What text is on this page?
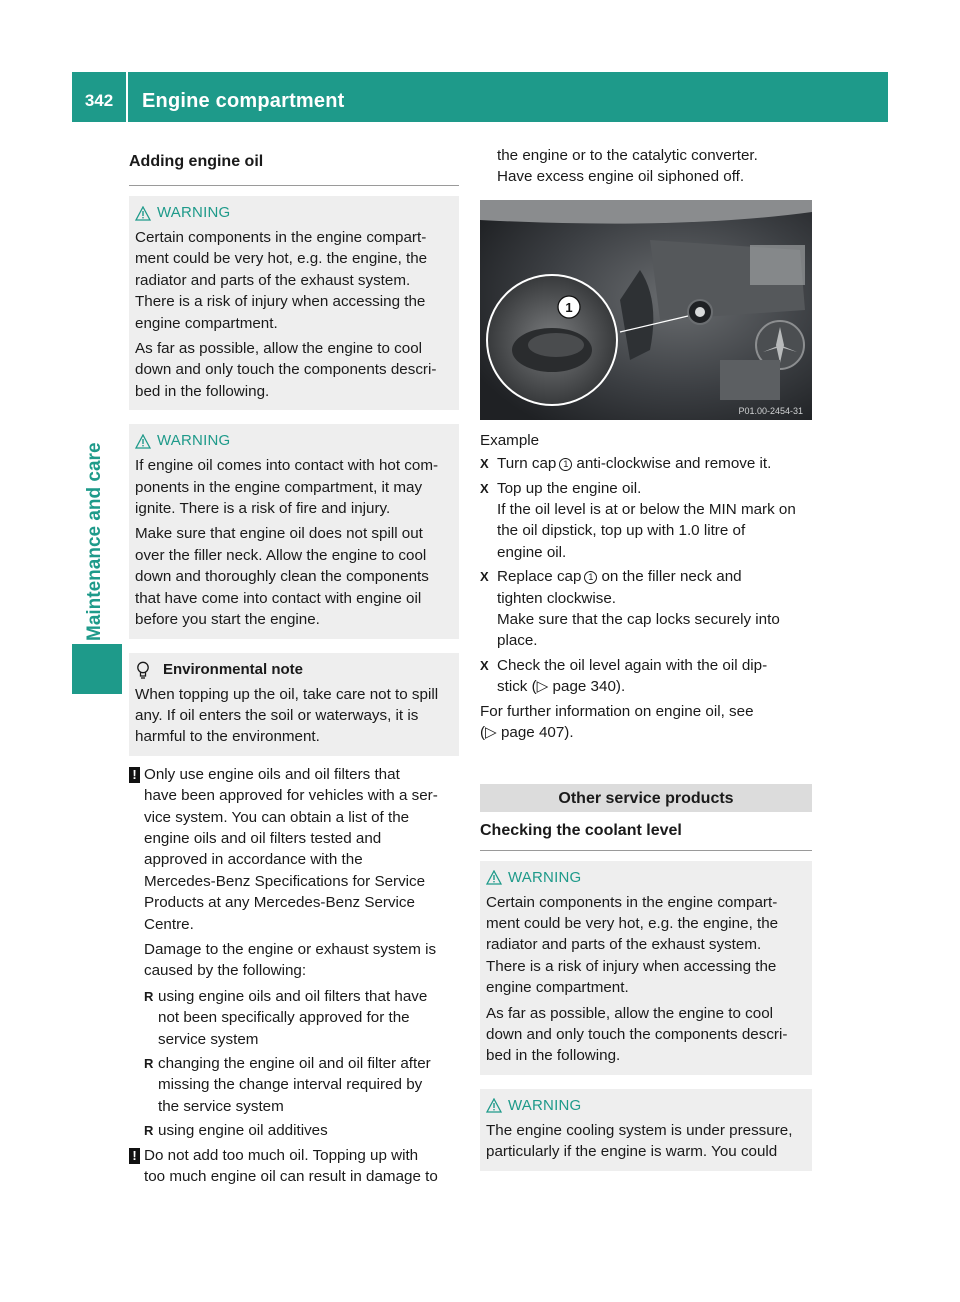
342	Engine compartment
Maintenance and care
Adding engine oil
WARNING

Certain components in the engine compart-
ment could be very hot, e.g. the engine, the
radiator and parts of the exhaust system.
There is a risk of injury when accessing the
engine compartment.

As far as possible, allow the engine to cool
down and only touch the components descri-
bed in the following.

WARNING

If engine oil comes into contact with hot com-
ponents in the engine compartment, it may
ignite. There is a risk of fire and injury.

Make sure that engine oil does not spill out
over the filler neck. Allow the engine to cool
down and thoroughly clean the components
that have come into contact with engine oil
before you start the engine.

Environmental note

When topping up the oil, take care not to spill
any. If oil enters the soil or waterways, it is
harmful to the environment.

! Only use engine oils and oil filters that
have been approved for vehicles with a ser-
vice system. You can obtain a list of the
engine oils and oil filters tested and
approved in accordance with the
Mercedes-Benz Specifications for Service
Products at any Mercedes-Benz Service
Centre.

Damage to the engine or exhaust system is
caused by the following:

R using engine oils and oil filters that have
not been specifically approved for the
service system
R changing the engine oil and oil filter after
missing the change interval required by
the service system
R using engine oil additives
! Do not add too much oil. Topping up with
too much engine oil can result in damage to

the engine or to the catalytic converter.
Have excess engine oil siphoned off.

1
P01.00-2454-31

Example

X Turn cap 1 anti-clockwise and remove it.
X Top up the engine oil.
If the oil level is at or below the MIN mark on
the oil dipstick, top up with 1.0 litre of
engine oil.
X Replace cap 1 on the filler neck and
tighten clockwise.
Make sure that the cap locks securely into
place.
X Check the oil level again with the oil dip-
stick (▷ page 340).

For further information on engine oil, see
(▷ page 407).

Other service products
Checking the coolant level
WARNING

Certain components in the engine compart-
ment could be very hot, e.g. the engine, the
radiator and parts of the exhaust system.
There is a risk of injury when accessing the
engine compartment.

As far as possible, allow the engine to cool
down and only touch the components descri-
bed in the following.

WARNING

The engine cooling system is under pressure,
particularly if the engine is warm. You could
